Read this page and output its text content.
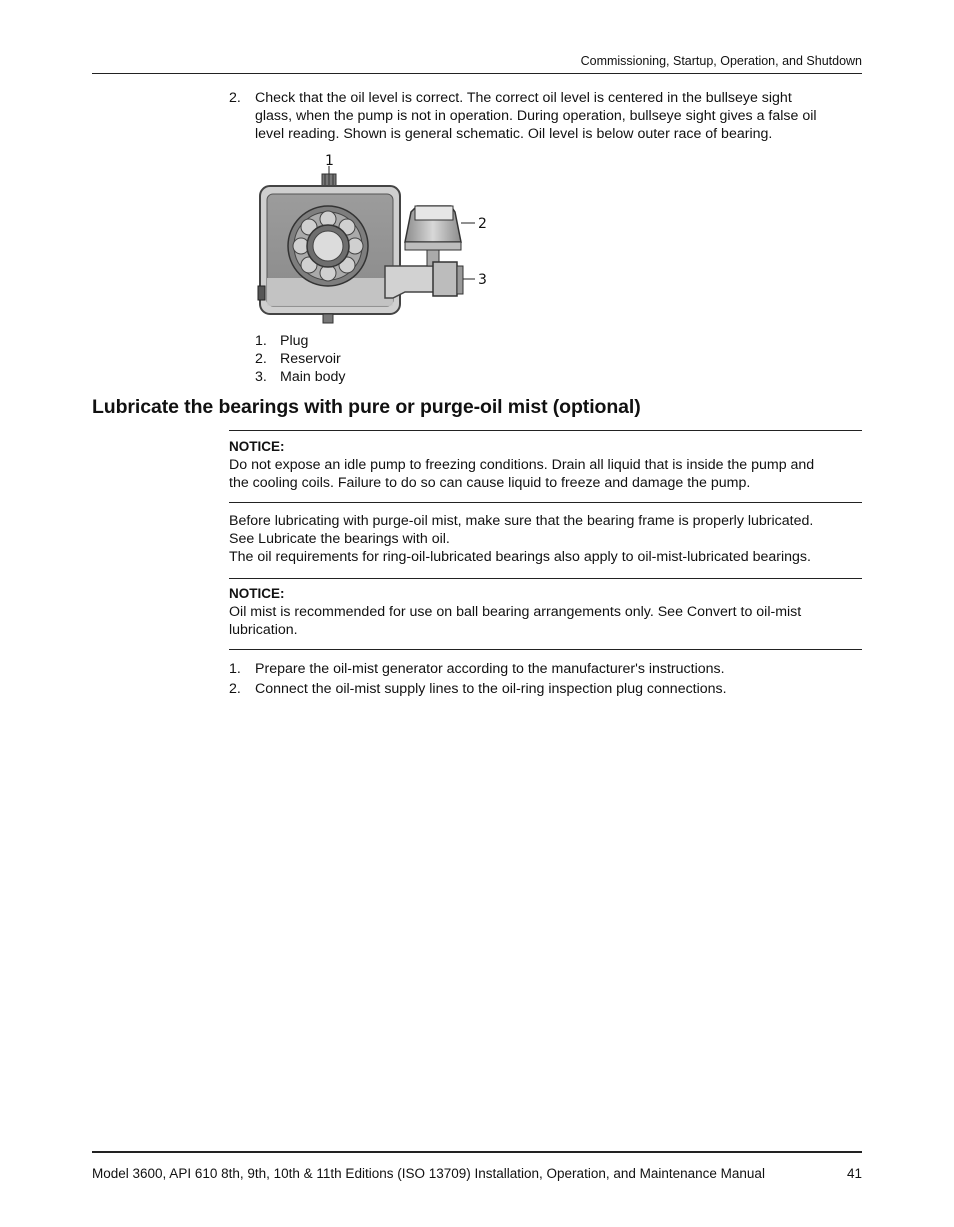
Commissioning, Startup, Operation, and Shutdown
2. Check that the oil level is correct. The correct oil level is centered in the bullseye sight
glass, when the pump is not in operation. During operation, bullseye sight gives a false oil
level reading. Shown is general schematic. Oil level is below outer race of bearing.
1
2
3
1. Plug
2. Reservoir
3. Main body
Lubricate the bearings with pure or purge-oil mist (optional)
NOTICE:
Do not expose an idle pump to freezing conditions. Drain all liquid that is inside the pump and
the cooling coils. Failure to do so can cause liquid to freeze and damage the pump.
Before lubricating with purge-oil mist, make sure that the bearing frame is properly lubricated.
See Lubricate the bearings with oil.
The oil requirements for ring-oil-lubricated bearings also apply to oil-mist-lubricated bearings.
NOTICE:
Oil mist is recommended for use on ball bearing arrangements only. See Convert to oil-mist
lubrication.
1. Prepare the oil-mist generator according to the manufacturer's instructions.
2. Connect the oil-mist supply lines to the oil-ring inspection plug connections.
Model 3600, API 610 8th, 9th, 10th & 11th Editions (ISO 13709) Installation, Operation, and Maintenance Manual	41
